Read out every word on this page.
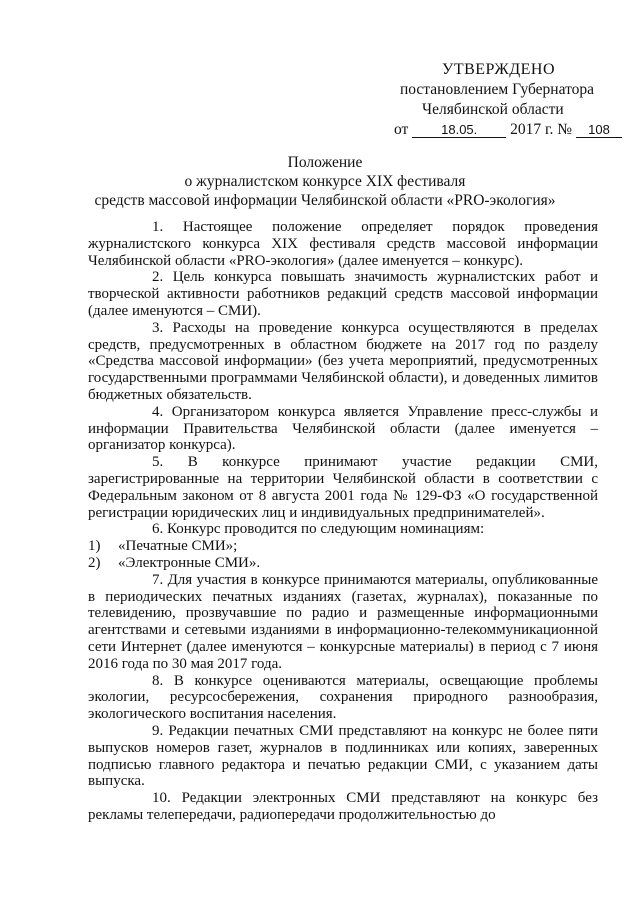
УТВЕРЖДЕНО
постановлением Губернатора
Челябинской области
от	18.05. 2017 г. № 108
Положение
о журналистском конкурсе XIX фестиваля
средств массовой информации Челябинской области «PRO-экология»

1. Настоящее положение определяет порядок проведения журналистского конкурса XIX фестиваля средств массовой информации Челябинской области «PRO-экология» (далее именуется – конкурс).

2. Цель конкурса повышать значимость журналистских работ и творческой активности работников редакций средств массовой информации (далее именуются – СМИ).

3. Расходы на проведение конкурса осуществляются в пределах средств, предусмотренных в областном бюджете на 2017 год по разделу «Средства массовой информации» (без учета мероприятий, предусмотренных государственными программами Челябинской области), и доведенных лимитов бюджетных обязательств.

4. Организатором конкурса является Управление пресс-службы и информации Правительства Челябинской области (далее именуется – организатор конкурса).

5. В конкурсе принимают участие редакции СМИ, зарегистрированные на территории Челябинской области в соответствии с Федеральным законом от 8 августа 2001 года № 129-ФЗ «О государственной регистрации юридических лиц и индивидуальных предпринимателей».

6. Конкурс проводится по следующим номинациям:

1) «Печатные СМИ»;

2) «Электронные СМИ».

7. Для участия в конкурсе принимаются материалы, опубликованные в периодических печатных изданиях (газетах, журналах), показанные по телевидению, прозвучавшие по радио и размещенные информационными агентствами и сетевыми изданиями в информационно-телекоммуникационной сети Интернет (далее именуются – конкурсные материалы) в период с 7 июня 2016 года по 30 мая 2017 года.

8. В конкурсе оцениваются материалы, освещающие проблемы экологии, ресурсосбережения, сохранения природного разнообразия, экологического воспитания населения.

9. Редакции печатных СМИ представляют на конкурс не более пяти выпусков номеров газет, журналов в подлинниках или копиях, заверенных подписью главного редактора и печатью редакции СМИ, с указанием даты выпуска.

10. Редакции электронных СМИ представляют на конкурс без рекламы телепередачи, радиопередачи продолжительностью до
